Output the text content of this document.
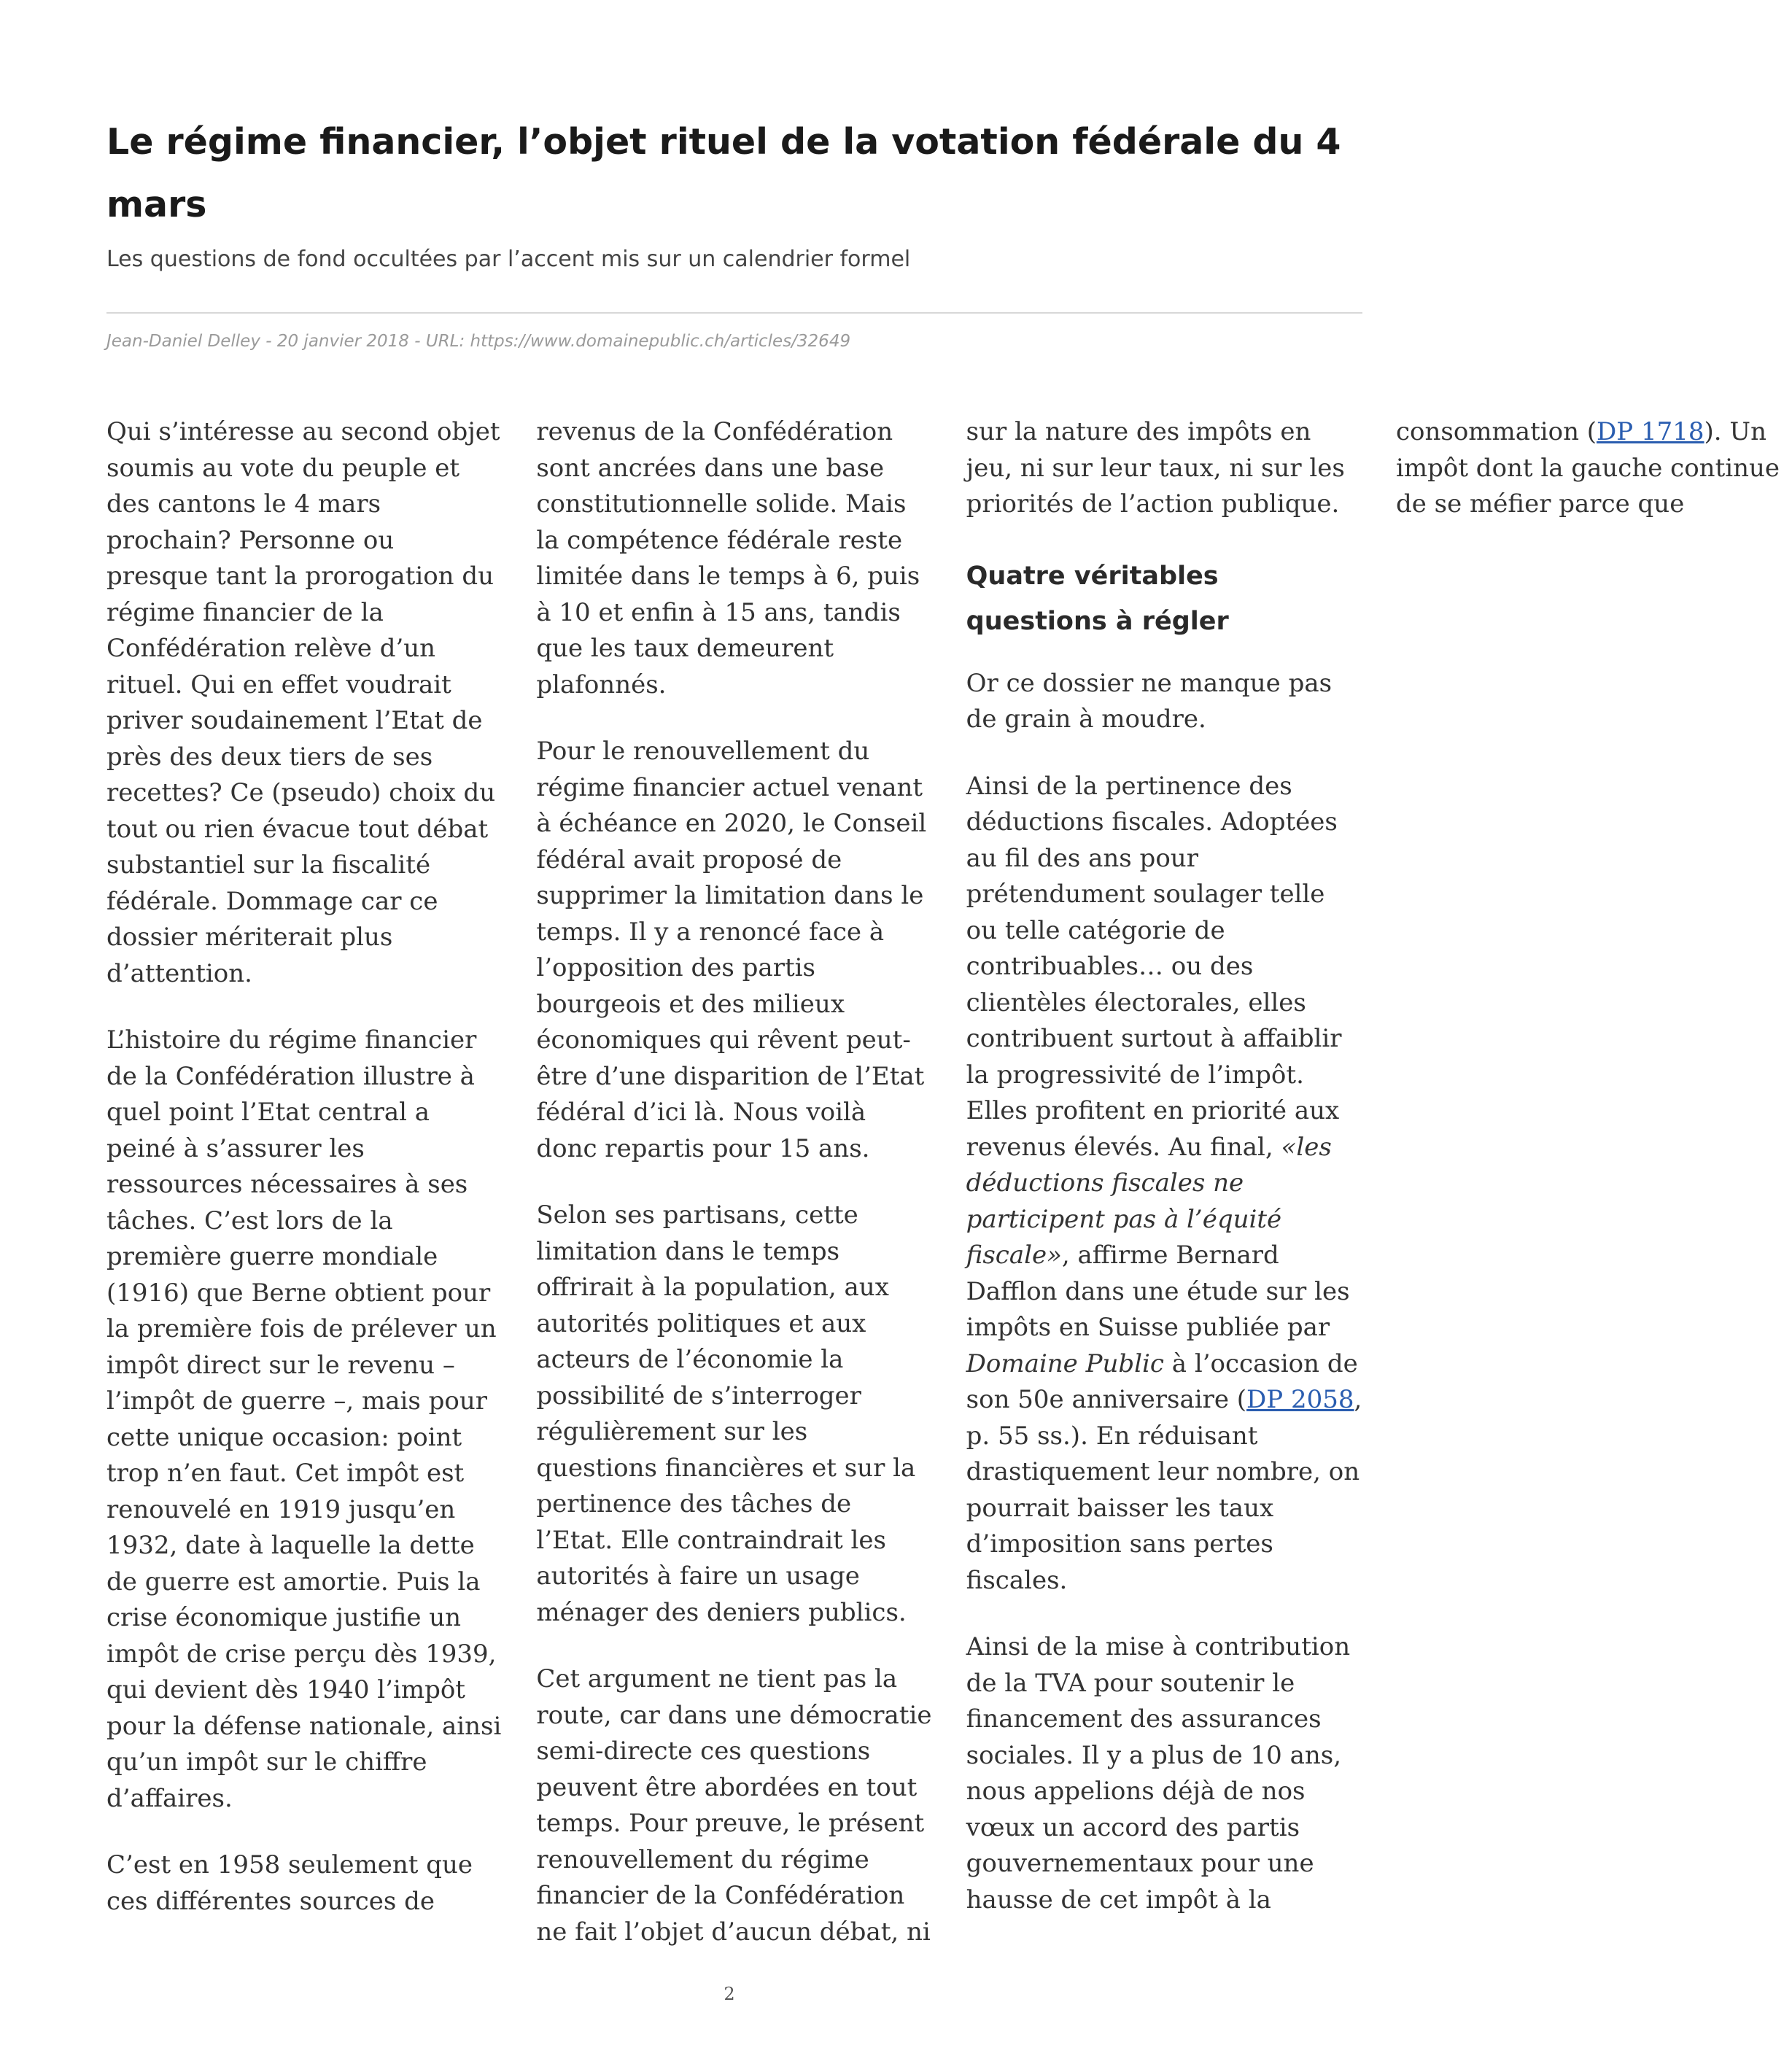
Le régime financier, l’objet rituel de la votation fédérale du 4 mars
Les questions de fond occultées par l’accent mis sur un calendrier formel
Jean-Daniel Delley - 20 janvier 2018 - URL: https://www.domainepublic.ch/articles/32649

Qui s’intéresse au second objet soumis au vote du peuple et des cantons le 4 mars prochain? Personne ou presque tant la prorogation du régime financier de la Confédération relève d’un rituel. Qui en effet voudrait priver soudainement l’Etat de près des deux tiers de ses recettes? Ce (pseudo) choix du tout ou rien évacue tout débat substantiel sur la fiscalité fédérale. Dommage car ce dossier mériterait plus d’attention.

L’histoire du régime financier de la Confédération illustre à quel point l’Etat central a peiné à s’assurer les ressources nécessaires à ses tâches. C’est lors de la première guerre mondiale (1916) que Berne obtient pour la première fois de prélever un impôt direct sur le revenu – l’impôt de guerre –, mais pour cette unique occasion: point trop n’en faut. Cet impôt est renouvelé en 1919 jusqu’en 1932, date à laquelle la dette de guerre est amortie. Puis la crise économique justifie un impôt de crise perçu dès 1939, qui devient dès 1940 l’impôt pour la défense nationale, ainsi qu’un impôt sur le chiffre d’affaires.

C’est en 1958 seulement que ces différentes sources de revenus de la Confédération sont ancrées dans une base constitutionnelle solide. Mais la compétence fédérale reste limitée dans le temps à 6, puis à 10 et enfin à 15 ans, tandis que les taux demeurent plafonnés.

Pour le renouvellement du régime financier actuel venant à échéance en 2020, le Conseil fédéral avait proposé de supprimer la limitation dans le temps. Il y a renoncé face à l’opposition des partis bourgeois et des milieux économiques qui rêvent peut-être d’une disparition de l’Etat fédéral d’ici là. Nous voilà donc repartis pour 15 ans.

Selon ses partisans, cette limitation dans le temps offrirait à la population, aux autorités politiques et aux acteurs de l’économie la possibilité de s’interroger régulièrement sur les questions financières et sur la pertinence des tâches de l’Etat. Elle contraindrait les autorités à faire un usage ménager des deniers publics.

Cet argument ne tient pas la route, car dans une démocratie semi-directe ces questions peuvent être abordées en tout temps. Pour preuve, le présent renouvellement du régime financier de la Confédération ne fait l’objet d’aucun débat, ni sur la nature des impôts en jeu, ni sur leur taux, ni sur les priorités de l’action publique.

Quatre véritables questions à régler

Or ce dossier ne manque pas de grain à moudre.

Ainsi de la pertinence des déductions fiscales. Adoptées au fil des ans pour prétendument soulager telle ou telle catégorie de contribuables… ou des clientèles électorales, elles contribuent surtout à affaiblir la progressivité de l’impôt. Elles profitent en priorité aux revenus élevés. Au final, «les déductions fiscales ne participent pas à l’équité fiscale», affirme Bernard Dafflon dans une étude sur les impôts en Suisse publiée par Domaine Public à l’occasion de son 50e anniversaire (DP 2058, p. 55 ss.). En réduisant drastiquement leur nombre, on pourrait baisser les taux d’imposition sans pertes fiscales.

Ainsi de la mise à contribution de la TVA pour soutenir le financement des assurances sociales. Il y a plus de 10 ans, nous appelions déjà de nos vœux un accord des partis gouvernementaux pour une hausse de cet impôt à la consommation (DP 1718). Un impôt dont la gauche continue de se méfier parce que

2
